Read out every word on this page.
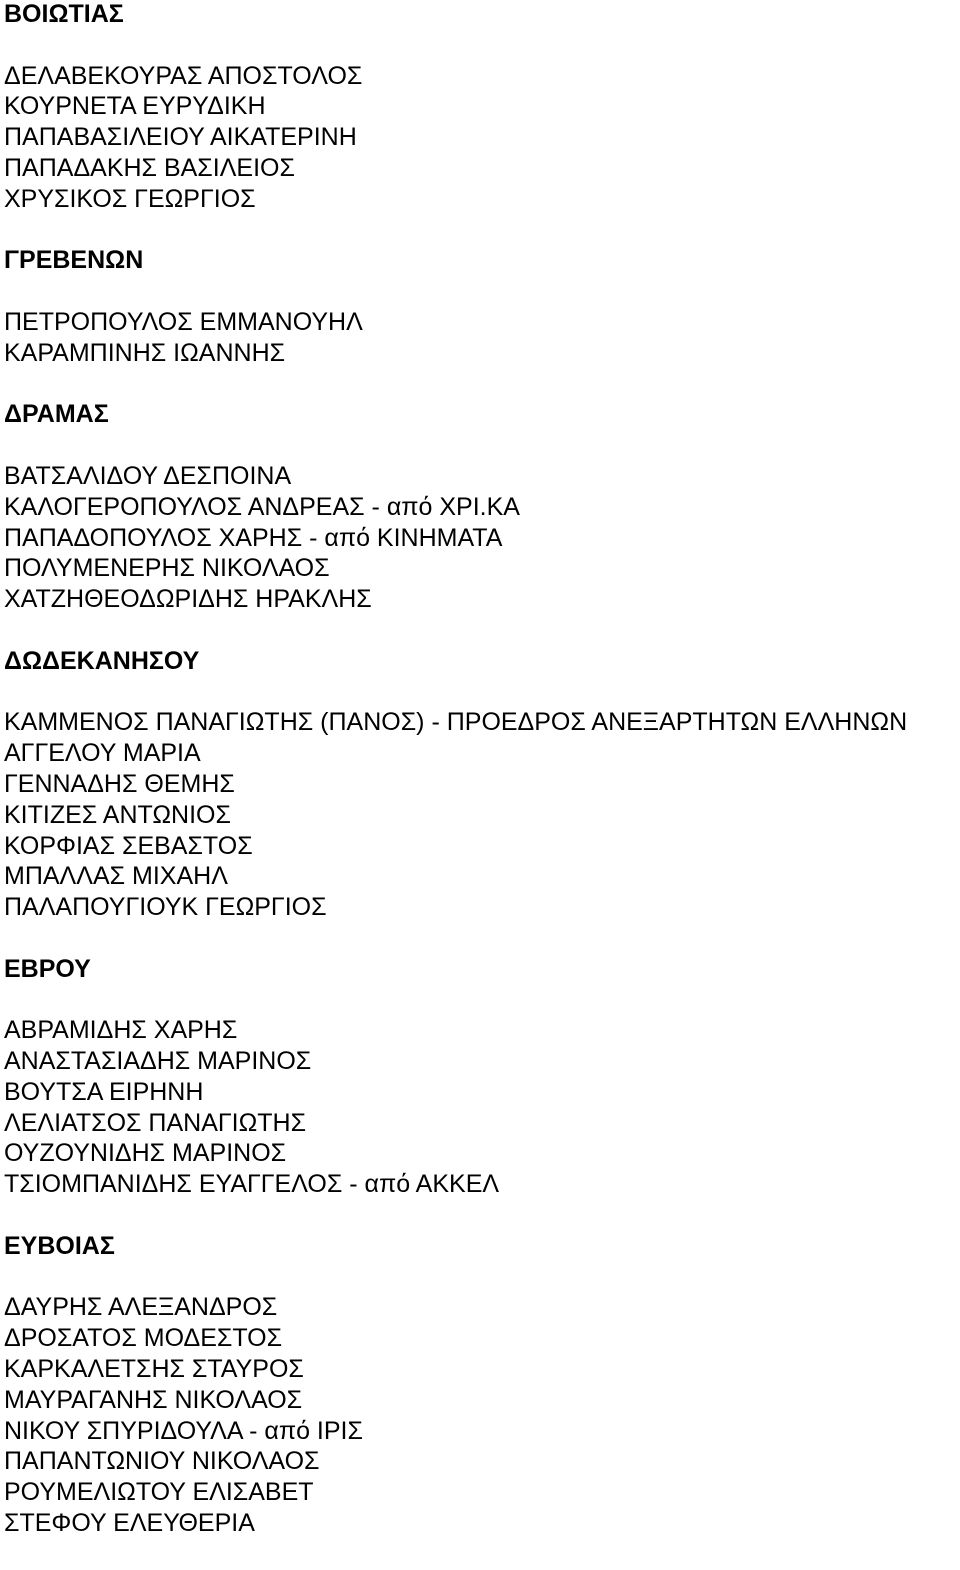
ΒΟΙΩΤΙΑΣ
ΔΕΛΑΒΕΚΟΥΡΑΣ ΑΠΟΣΤΟΛΟΣ
ΚΟΥΡΝΕΤΑ ΕΥΡΥΔΙΚΗ
ΠΑΠΑΒΑΣΙΛΕΙΟΥ ΑΙΚΑΤΕΡΙΝΗ
ΠΑΠΑΔΑΚΗΣ ΒΑΣΙΛΕΙΟΣ
ΧΡΥΣΙΚΟΣ ΓΕΩΡΓΙΟΣ
ΓΡΕΒΕΝΩΝ
ΠΕΤΡΟΠΟΥΛΟΣ ΕΜΜΑΝΟΥΗΛ
ΚΑΡΑΜΠΙΝΗΣ ΙΩΑΝΝΗΣ
ΔΡΑΜΑΣ
ΒΑΤΣΑΛΙΔΟΥ ΔΕΣΠΟΙΝΑ
ΚΑΛΟΓΕΡΟΠΟΥΛΟΣ ΑΝΔΡΕΑΣ - από ΧΡΙ.ΚΑ
ΠΑΠΑΔΟΠΟΥΛΟΣ ΧΑΡΗΣ - από ΚΙΝΗΜΑΤΑ
ΠΟΛΥΜΕΝΕΡΗΣ ΝΙΚΟΛΑΟΣ
ΧΑΤΖΗΘΕΟΔΩΡΙΔΗΣ ΗΡΑΚΛΗΣ
ΔΩΔΕΚΑΝΗΣΟΥ
ΚΑΜΜΕΝΟΣ ΠΑΝΑΓΙΩΤΗΣ (ΠΑΝΟΣ) - ΠΡΟΕΔΡΟΣ ΑΝΕΞΑΡΤΗΤΩΝ ΕΛΛΗΝΩΝ
ΑΓΓΕΛΟΥ ΜΑΡΙΑ
ΓΕΝΝΑΔΗΣ ΘΕΜΗΣ
ΚΙΤΙΖΕΣ ΑΝΤΩΝΙΟΣ
ΚΟΡΦΙΑΣ ΣΕΒΑΣΤΟΣ
ΜΠΑΛΛΑΣ ΜΙΧΑΗΛ
ΠΑΛΑΠΟΥΓΙΟΥΚ ΓΕΩΡΓΙΟΣ
ΕΒΡΟΥ
ΑΒΡΑΜΙΔΗΣ ΧΑΡΗΣ
ΑΝΑΣΤΑΣΙΑΔΗΣ ΜΑΡΙΝΟΣ
ΒΟΥΤΣΑ ΕΙΡΗΝΗ
ΛΕΛΙΑΤΣΟΣ ΠΑΝΑΓΙΩΤΗΣ
ΟΥΖΟΥΝΙΔΗΣ ΜΑΡΙΝΟΣ
ΤΣΙΟΜΠΑΝΙΔΗΣ ΕΥΑΓΓΕΛΟΣ - από ΑΚΚΕΛ
ΕΥΒΟΙΑΣ
ΔΑΥΡΗΣ ΑΛΕΞΑΝΔΡΟΣ
ΔΡΟΣΑΤΟΣ ΜΟΔΕΣΤΟΣ
ΚΑΡΚΑΛΕΤΣΗΣ ΣΤΑΥΡΟΣ
ΜΑΥΡΑΓΑΝΗΣ ΝΙΚΟΛΑΟΣ
ΝΙΚΟΥ ΣΠΥΡΙΔΟΥΛΑ - από ΙΡΙΣ
ΠΑΠΑΝΤΩΝΙΟΥ ΝΙΚΟΛΑΟΣ
ΡΟΥΜΕΛΙΩΤΟΥ ΕΛΙΣΑΒΕΤ
ΣΤΕΦΟΥ ΕΛΕΥΘΕΡΙΑ
